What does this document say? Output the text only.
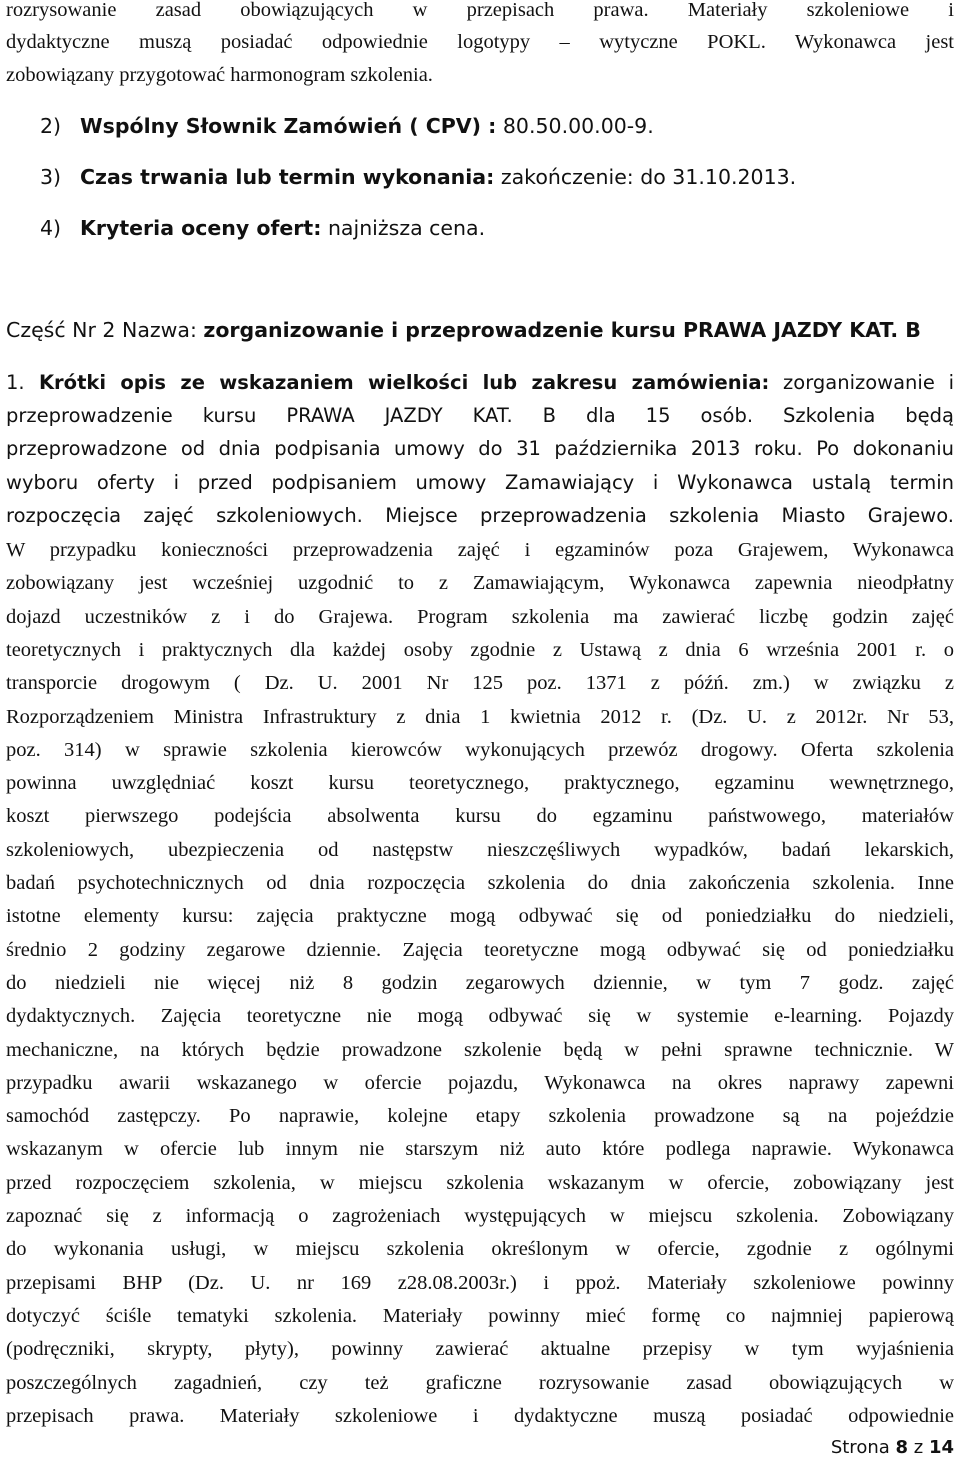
rozrysowanie zasad obowiązujących w przepisach prawa. Materiały szkoleniowe i
dydaktyczne muszą posiadać odpowiednie logotypy – wytyczne POKL. Wykonawca jest
zobowiązany przygotować harmonogram szkolenia.
2) Wspólny Słownik Zamówień ( CPV) : 80.50.00.00-9.
3) Czas trwania lub termin wykonania: zakończenie: do 31.10.2013.
4) Kryteria oceny ofert: najniższa cena.
Część Nr 2 Nazwa: zorganizowanie i przeprowadzenie kursu PRAWA JAZDY KAT. B
1. Krótki opis ze wskazaniem wielkości lub zakresu zamówienia: zorganizowanie i
przeprowadzenie kursu PRAWA JAZDY KAT. B dla 15 osób. Szkolenia będą
przeprowadzone od dnia podpisania umowy do 31 października 2013 roku. Po dokonaniu
wyboru oferty i przed podpisaniem umowy Zamawiający i Wykonawca ustalą termin
rozpoczęcia zajęć szkoleniowych. Miejsce przeprowadzenia szkolenia Miasto Grajewo.
W przypadku konieczności przeprowadzenia zajęć i egzaminów poza Grajewem, Wykonawca
zobowiązany jest wcześniej uzgodnić to z Zamawiającym, Wykonawca zapewnia nieodpłatny
dojazd uczestników z i do Grajewa. Program szkolenia ma zawierać liczbę godzin zajęć
teoretycznych i praktycznych dla każdej osoby zgodnie z Ustawą z dnia 6 września 2001 r. o
transporcie drogowym ( Dz. U. 2001 Nr 125 poz. 1371 z późń. zm.) w związku z
Rozporządzeniem Ministra Infrastruktury z dnia 1 kwietnia 2012 r. (Dz. U. z 2012r. Nr 53,
poz. 314) w sprawie szkolenia kierowców wykonujących przewóz drogowy. Oferta szkolenia
powinna uwzględniać koszt kursu teoretycznego, praktycznego, egzaminu wewnętrznego,
koszt pierwszego podejścia absolwenta kursu do egzaminu państwowego, materiałów
szkoleniowych, ubezpieczenia od następstw nieszczęśliwych wypadków, badań lekarskich,
badań psychotechnicznych od dnia rozpoczęcia szkolenia do dnia zakończenia szkolenia. Inne
istotne elementy kursu: zajęcia praktyczne mogą odbywać się od poniedziałku do niedzieli,
średnio 2 godziny zegarowe dziennie. Zajęcia teoretyczne mogą odbywać się od poniedziałku
do niedzieli nie więcej niż 8 godzin zegarowych dziennie, w tym 7 godz. zajęć
dydaktycznych. Zajęcia teoretyczne nie mogą odbywać się w systemie e-learning. Pojazdy
mechaniczne, na których będzie prowadzone szkolenie będą w pełni sprawne technicznie. W
przypadku awarii wskazanego w ofercie pojazdu, Wykonawca na okres naprawy zapewni
samochód zastępczy. Po naprawie, kolejne etapy szkolenia prowadzone są na pojeździe
wskazanym w ofercie lub innym nie starszym niż auto które podlega naprawie. Wykonawca
przed rozpoczęciem szkolenia, w miejscu szkolenia wskazanym w ofercie, zobowiązany jest
zapoznać się z informacją o zagrożeniach występujących w miejscu szkolenia. Zobowiązany
do wykonania usługi, w miejscu szkolenia określonym w ofercie, zgodnie z ogólnymi
przepisami BHP (Dz. U. nr 169 z28.08.2003r.) i ppoż. Materiały szkoleniowe powinny
dotyczyć ściśle tematyki szkolenia. Materiały powinny mieć formę co najmniej papierową
(podręczniki, skrypty, płyty), powinny zawierać aktualne przepisy w tym wyjaśnienia
poszczególnych zagadnień, czy też graficzne rozrysowanie zasad obowiązujących w
przepisach prawa. Materiały szkoleniowe i dydaktyczne muszą posiadać odpowiednie
Strona 8 z 14
